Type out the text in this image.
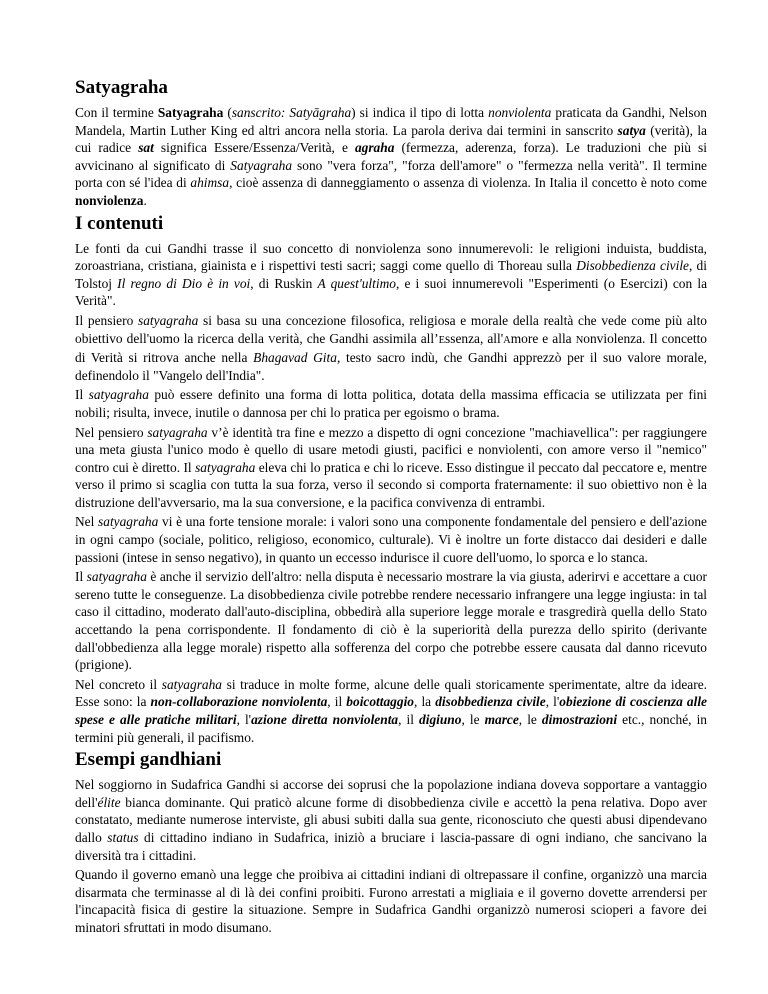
Satyagraha

Con il termine Satyagraha (sanscrito: Satyāgraha) si indica il tipo di lotta nonviolenta praticata da Gandhi, Nelson Mandela, Martin Luther King ed altri ancora nella storia. La parola deriva dai termini in sanscrito satya (verità), la cui radice sat significa Essere/Essenza/Verità, e agraha (fermezza, aderenza, forza). Le traduzioni che più si avvicinano al significato di Satyagraha sono "vera forza", "forza dell'amore" o "fermezza nella verità". Il termine porta con sé l'idea di ahimsa, cioè assenza di danneggiamento o assenza di violenza. In Italia il concetto è noto come nonviolenza.

I contenuti

Le fonti da cui Gandhi trasse il suo concetto di nonviolenza sono innumerevoli: le religioni induista, buddista, zoroastriana, cristiana, giainista e i rispettivi testi sacri; saggi come quello di Thoreau sulla Disobbedienza civile, di Tolstoj Il regno di Dio è in voi, di Ruskin A quest'ultimo, e i suoi innumerevoli "Esperimenti (o Esercizi) con la Verità".

Il pensiero satyagraha si basa su una concezione filosofica, religiosa e morale della realtà che vede come più alto obiettivo dell'uomo la ricerca della Verità, che Gandhi assimila all’Essenza, all'Amore e alla Nonviolenza. Il concetto di Verità si ritrova anche nella Bhagavad Gita, testo sacro indù, che Gandhi apprezzò per il suo valore morale, definendolo il "Vangelo dell'India".

Il satyagraha può essere definito una forma di lotta politica, dotata della massima efficacia se utilizzata per fini nobili; risulta, invece, inutile o dannosa per chi lo pratica per egoismo o brama.

Nel pensiero satyagraha v’è identità tra fine e mezzo a dispetto di ogni concezione "machiavellica": per raggiungere una meta giusta l'unico modo è quello di usare metodi giusti, pacifici e nonviolenti, con amore verso il "nemico" contro cui è diretto. Il satyagraha eleva chi lo pratica e chi lo riceve. Esso distingue il peccato dal peccatore e, mentre verso il primo si scaglia con tutta la sua forza, verso il secondo si comporta fraternamente: il suo obiettivo non è la distruzione dell'avversario, ma la sua conversione, e la pacifica convivenza di entrambi.

Nel satyagraha vi è una forte tensione morale: i valori sono una componente fondamentale del pensiero e dell'azione in ogni campo (sociale, politico, religioso, economico, culturale). Vi è inoltre un forte distacco dai desideri e dalle passioni (intese in senso negativo), in quanto un eccesso indurisce il cuore dell'uomo, lo sporca e lo stanca.

Il satyagraha è anche il servizio dell'altro: nella disputa è necessario mostrare la via giusta, aderirvi e accettare a cuor sereno tutte le conseguenze. La disobbedienza civile potrebbe rendere necessario infrangere una legge ingiusta: in tal caso il cittadino, moderato dall'auto-disciplina, obbedirà alla superiore legge morale e trasgredirà quella dello Stato accettando la pena corrispondente. Il fondamento di ciò è la superiorità della purezza dello spirito (derivante dall'obbedienza alla legge morale) rispetto alla sofferenza del corpo che potrebbe essere causata dal danno ricevuto (prigione).

Nel concreto il satyagraha si traduce in molte forme, alcune delle quali storicamente sperimentate, altre da ideare. Esse sono: la non-collaborazione nonviolenta, il boicottaggio, la disobbedienza civile, l'obiezione di coscienza alle spese e alle pratiche militari, l'azione diretta nonviolenta, il digiuno, le marce, le dimostrazioni etc., nonché, in termini più generali, il pacifismo.

Esempi gandhiani

Nel soggiorno in Sudafrica Gandhi si accorse dei soprusi che la popolazione indiana doveva sopportare a vantaggio dell'élite bianca dominante. Qui praticò alcune forme di disobbedienza civile e accettò la pena relativa. Dopo aver constatato, mediante numerose interviste, gli abusi subiti dalla sua gente, riconosciuto che questi abusi dipendevano dallo status di cittadino indiano in Sudafrica, iniziò a bruciare i lascia-passare di ogni indiano, che sancivano la diversità tra i cittadini.

Quando il governo emanò una legge che proibiva ai cittadini indiani di oltrepassare il confine, organizzò una marcia disarmata che terminasse al di là dei confini proibiti. Furono arrestati a migliaia e il governo dovette arrendersi per l'incapacità fisica di gestire la situazione. Sempre in Sudafrica Gandhi organizzò numerosi scioperi a favore dei minatori sfruttati in modo disumano.
